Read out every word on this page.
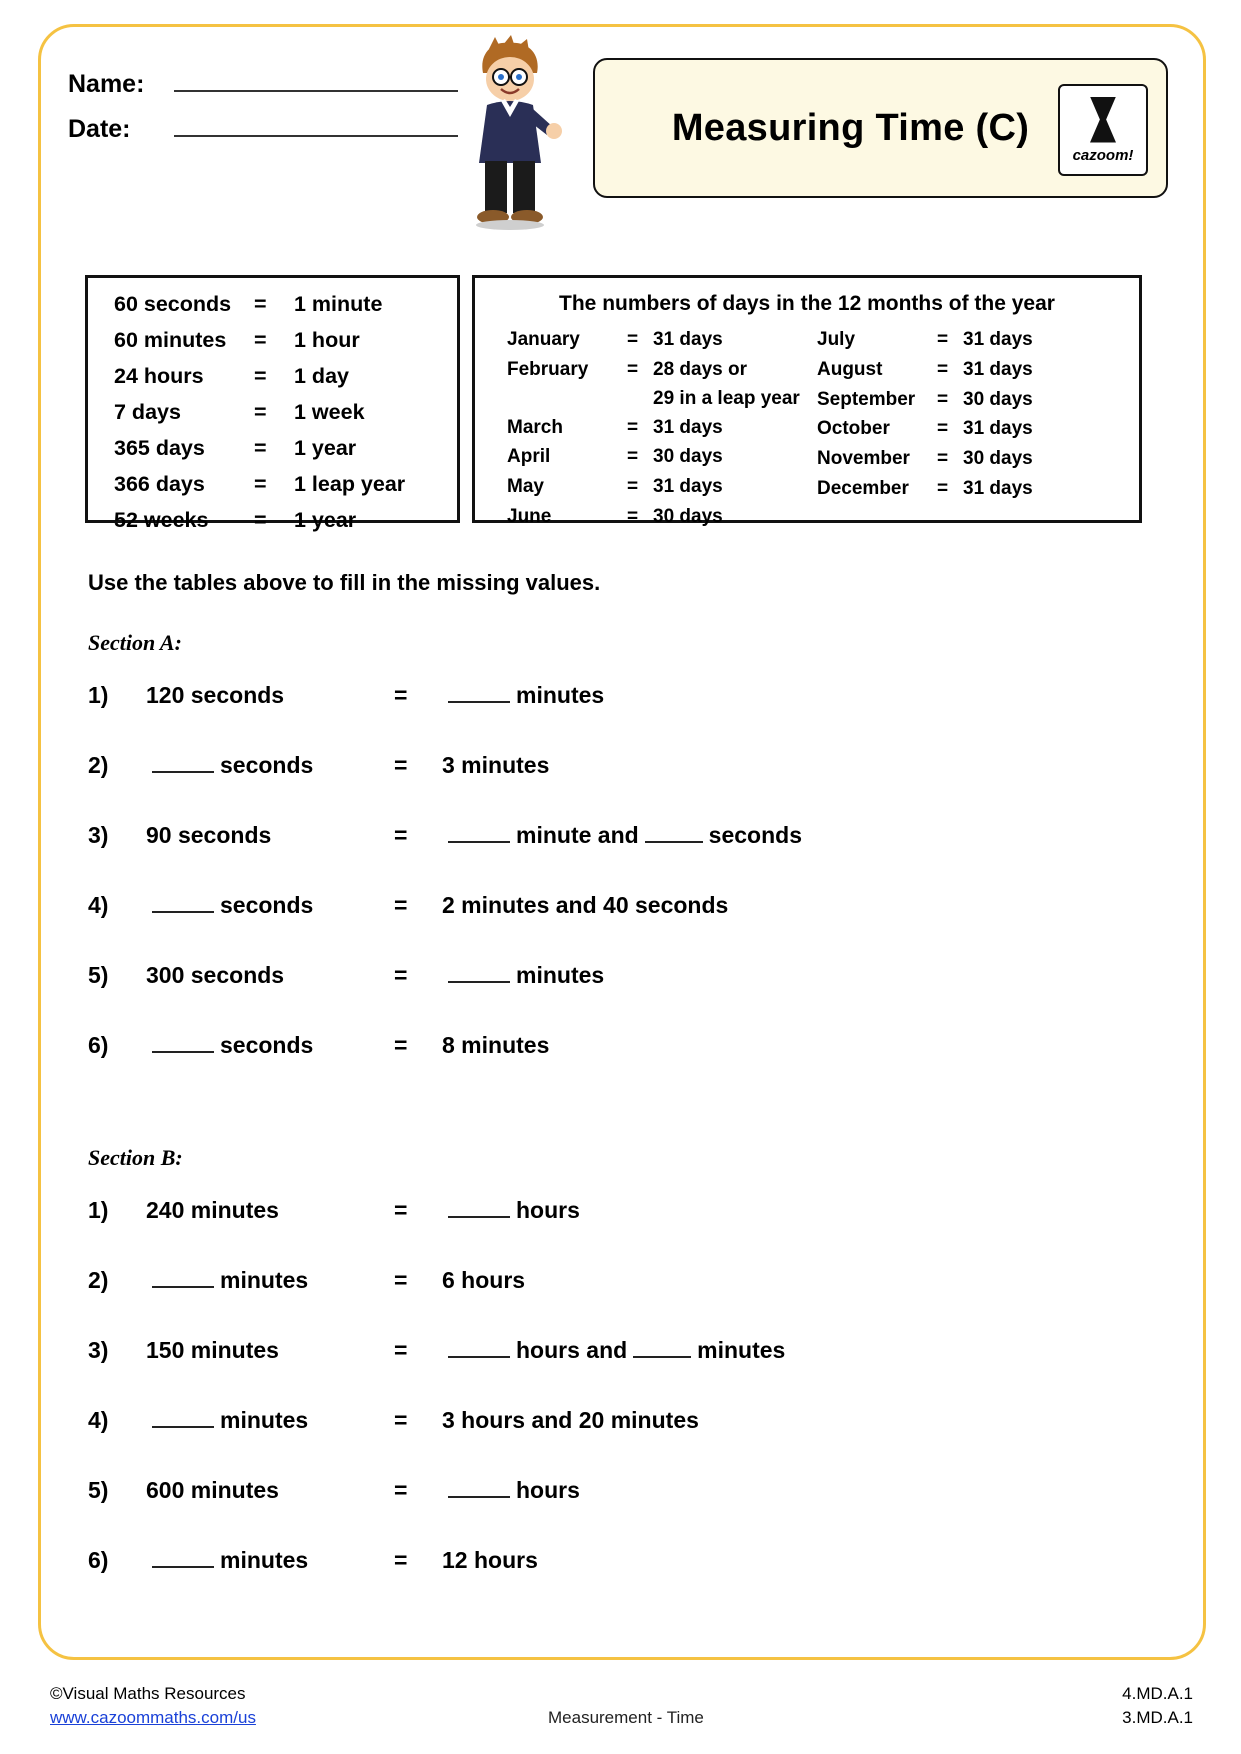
Name:
Date:	Measuring Time (C)
cazoom!
60 seconds	=	1 minute
60 minutes	=	1 hour
24 hours	=	1 day
7 days	=	1 week
365 days	=	1 year
366 days	=	1 leap year
52 weeks	=	1 year
The numbers of days in the 12 months of the year
January	= 31 days
February	= 28 days or
29 in a leap year
March	= 31 days
April	= 30 days
May	= 31 days
June	= 30 days
July	= 31 days
August	= 31 days
September	= 30 days
October	= 31 days
November	= 30 days
December	= 31 days
Use the tables above to fill in the missing values.
Section A:
1)	120 seconds	=	minutes
2)	seconds	=	3 minutes
3)	90 seconds	=	minute and	seconds
4)	seconds	=	2 minutes and 40 seconds
5)	300 seconds	=	minutes
6)	seconds	=	8 minutes
Section B:
1)	240 minutes	=	hours
2)	minutes	=	6 hours
3)	150 minutes	=	hours and	minutes
4)	minutes	=	3 hours and 20 minutes
5)	600 minutes	=	hours
6)	minutes	=	12 hours
©Visual Maths Resources
www.cazoommaths.com/us	Measurement - Time
4.MD.A.1
3.MD.A.1
